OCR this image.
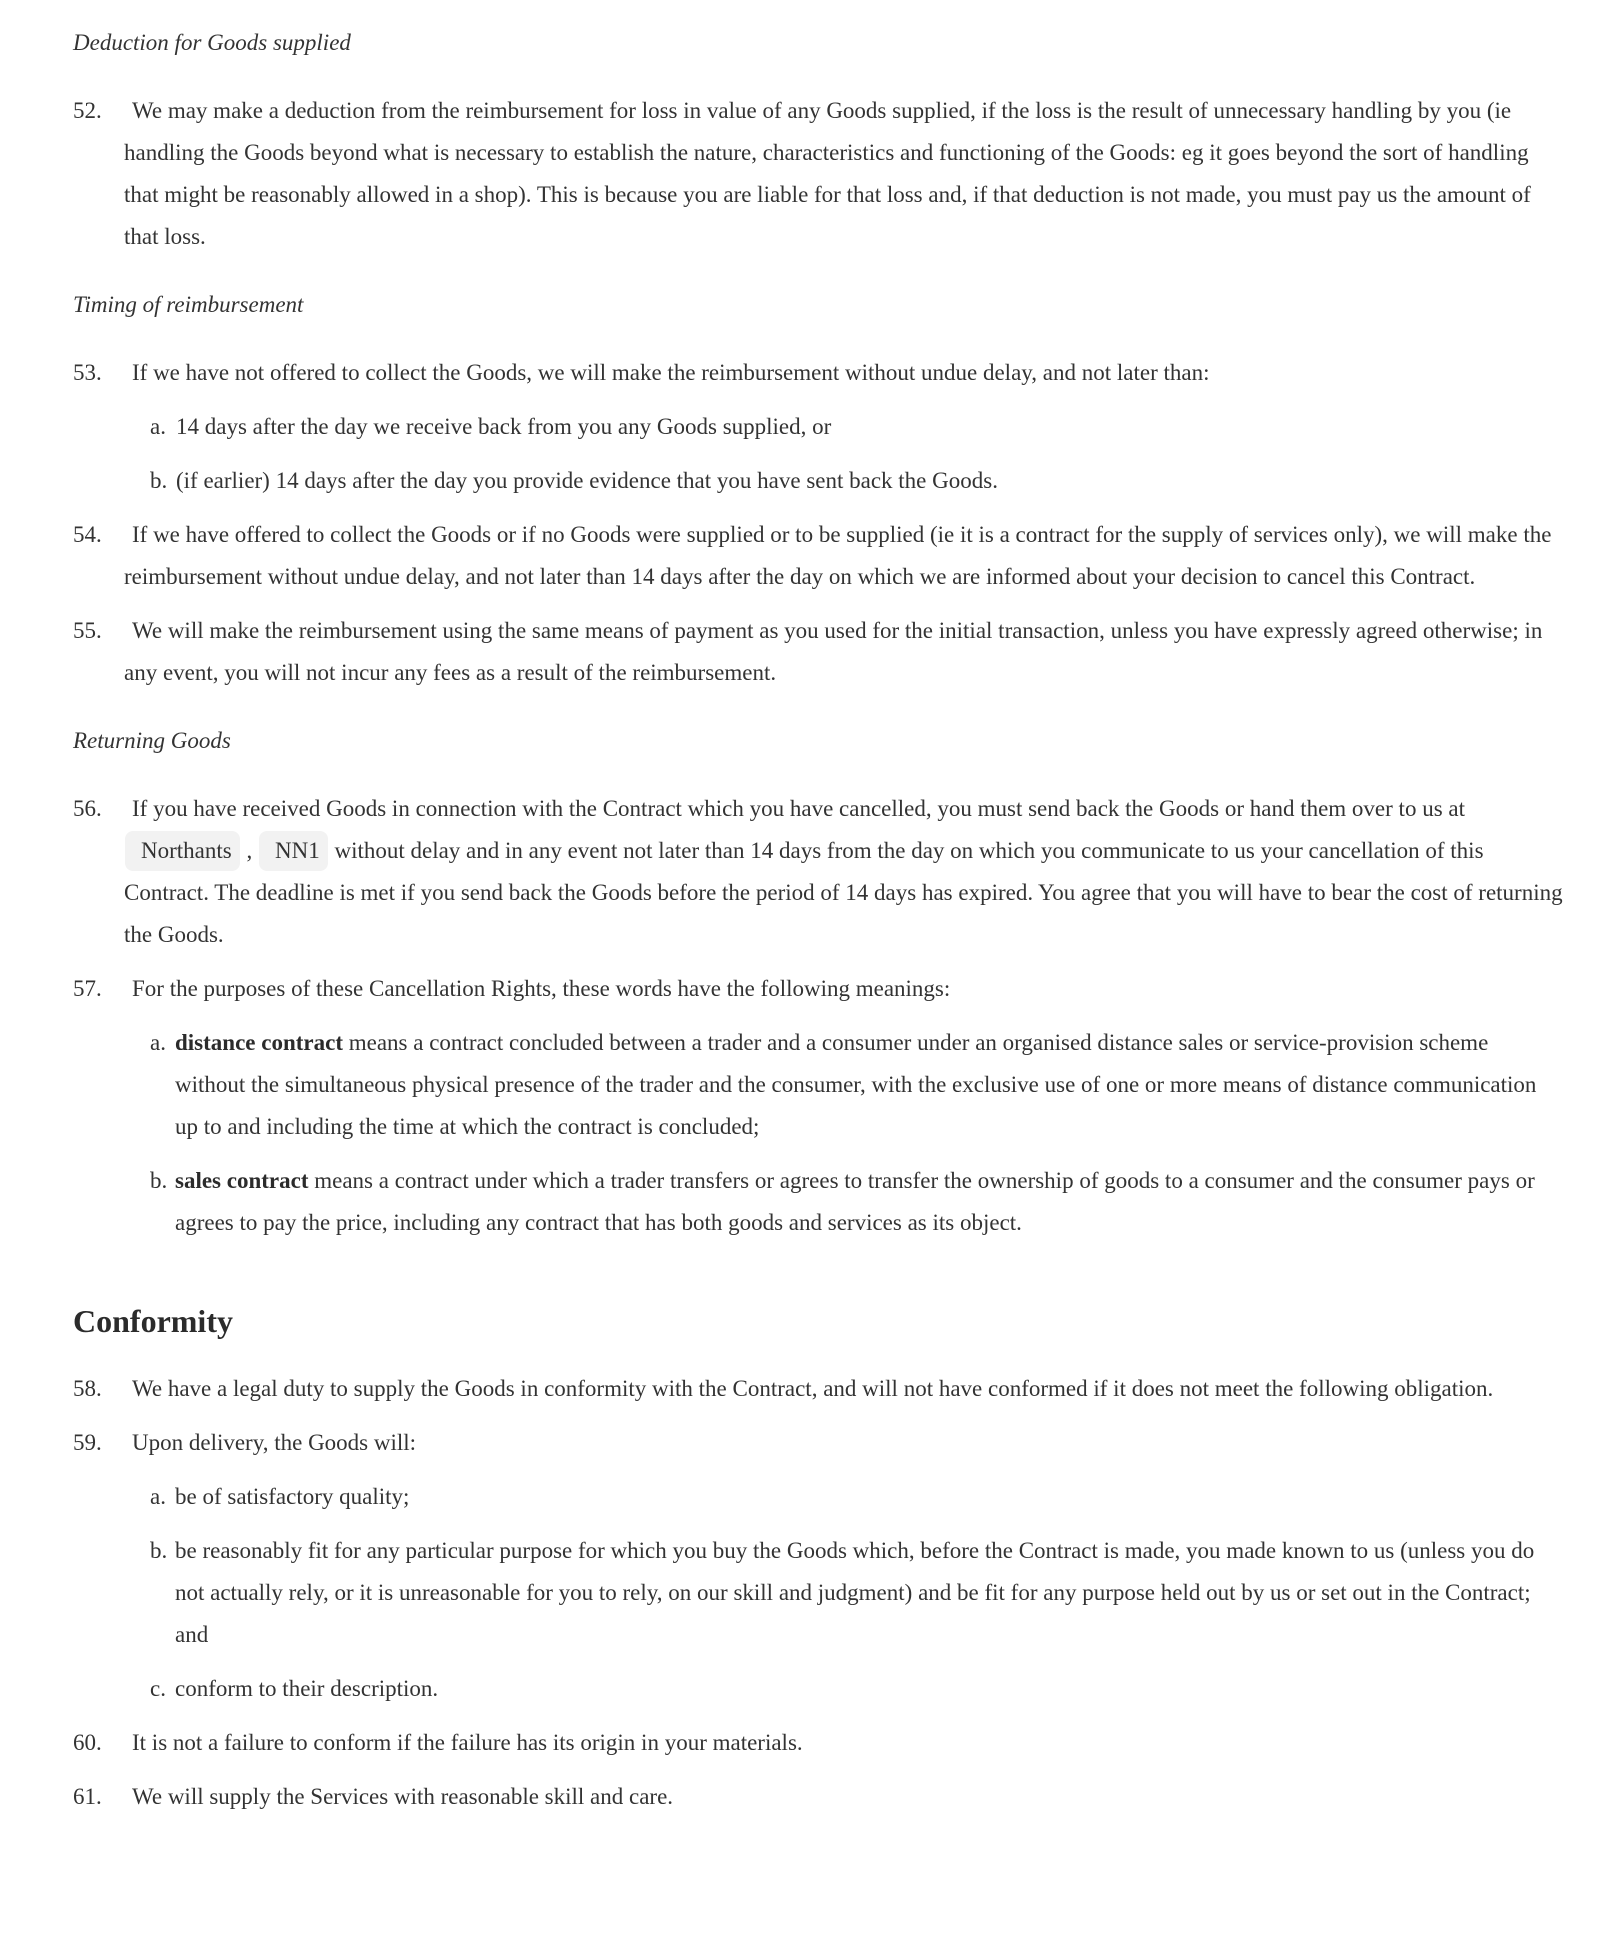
Deduction for Goods supplied
52.	We may make a deduction from the reimbursement for loss in value of any Goods supplied, if the loss is the result of unnecessary handling by you (ie handling the Goods beyond what is necessary to establish the nature, characteristics and functioning of the Goods: eg it goes beyond the sort of handling that might be reasonably allowed in a shop). This is because you are liable for that loss and, if that deduction is not made, you must pay us the amount of that loss.
Timing of reimbursement
53.	If we have not offered to collect the Goods, we will make the reimbursement without undue delay, and not later than:
a. 14 days after the day we receive back from you any Goods supplied, or
b. (if earlier) 14 days after the day you provide evidence that you have sent back the Goods.
54.	If we have offered to collect the Goods or if no Goods were supplied or to be supplied (ie it is a contract for the supply of services only), we will make the reimbursement without undue delay, and not later than 14 days after the day on which we are informed about your decision to cancel this Contract.
55.	We will make the reimbursement using the same means of payment as you used for the initial transaction, unless you have expressly agreed otherwise; in any event, you will not incur any fees as a result of the reimbursement.
Returning Goods
56.	If you have received Goods in connection with the Contract which you have cancelled, you must send back the Goods or hand them over to us at Northants , NN1 without delay and in any event not later than 14 days from the day on which you communicate to us your cancellation of this Contract. The deadline is met if you send back the Goods before the period of 14 days has expired. You agree that you will have to bear the cost of returning the Goods.
57.	For the purposes of these Cancellation Rights, these words have the following meanings:
a. distance contract means a contract concluded between a trader and a consumer under an organised distance sales or service-provision scheme without the simultaneous physical presence of the trader and the consumer, with the exclusive use of one or more means of distance communication up to and including the time at which the contract is concluded;
b. sales contract means a contract under which a trader transfers or agrees to transfer the ownership of goods to a consumer and the consumer pays or agrees to pay the price, including any contract that has both goods and services as its object.
Conformity
58.	We have a legal duty to supply the Goods in conformity with the Contract, and will not have conformed if it does not meet the following obligation.
59.	Upon delivery, the Goods will:
a. be of satisfactory quality;
b. be reasonably fit for any particular purpose for which you buy the Goods which, before the Contract is made, you made known to us (unless you do not actually rely, or it is unreasonable for you to rely, on our skill and judgment) and be fit for any purpose held out by us or set out in the Contract; and
c. conform to their description.
60.	It is not a failure to conform if the failure has its origin in your materials.
61.	We will supply the Services with reasonable skill and care.
